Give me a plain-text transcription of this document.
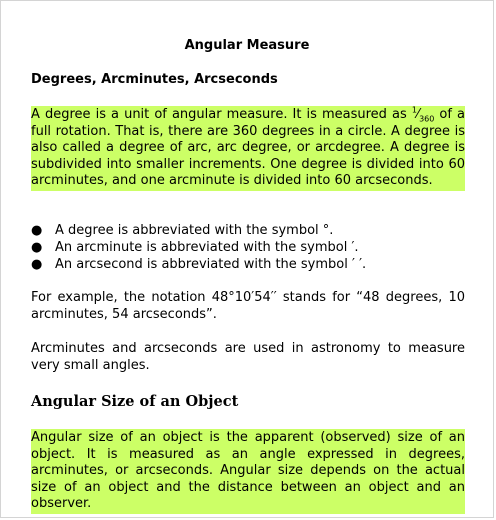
Angular Measure
Degrees, Arcminutes, Arcseconds
A degree is a unit of angular measure. It is measured as $^1⁄_{360}$ of a full rotation. That is, there are 360 degrees in a circle. A degree is also called a degree of arc, arc degree, or arcdegree. A degree is subdivided into smaller increments. One degree is divided into 60 arcminutes, and one arcminute is divided into 60 arcseconds.
● A degree is abbreviated with the symbol °.
● An arcminute is abbreviated with the symbol ′.
● An arcsecond is abbreviated with the symbol ′ ′.
For example, the notation 48°10′54′′ stands for “48 degrees, 10 arcminutes, 54 arcseconds”.
Arcminutes and arcseconds are used in astronomy to measure very small angles.
Angular Size of an Object
Angular size of an object is the apparent (observed) size of an object. It is measured as an angle expressed in degrees, arcminutes, or arcseconds. Angular size depends on the actual size of an object and the distance between an object and an observer.
